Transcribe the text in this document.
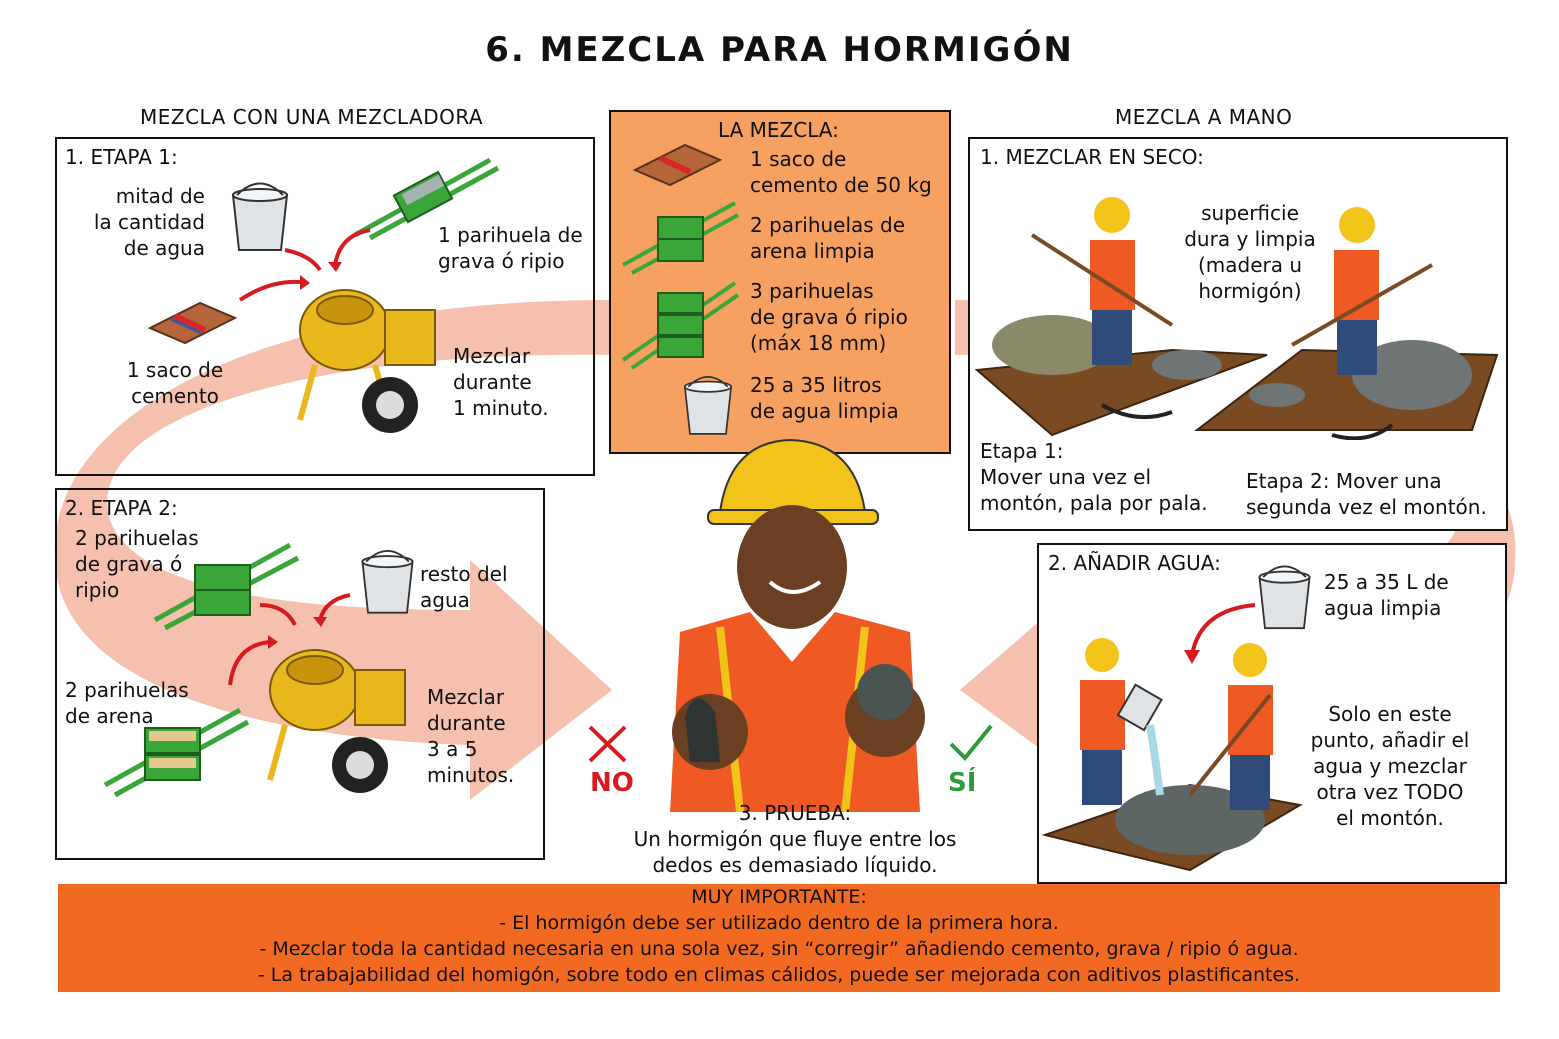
6. MEZCLA PARA HORMIGÓN
MEZCLA CON UNA MEZCLADORA	MEZCLA A MANO
1. ETAPA 1:
mitad de
la cantidad
de agua
1 parihuela de
grava ó ripio
1 saco de
cemento
Mezclar
durante
1 minuto.
2. ETAPA 2:
2 parihuelas
de grava ó
ripio
resto del
agua
2 parihuelas
de arena
Mezclar
durante
3 a 5
minutos.
LA MEZCLA:
1 saco de
cemento de 50 kg
2 parihuelas de
arena limpia
3 parihuelas
de grava ó ripio
(máx 18 mm)
25 a 35 litros
de agua limpia
NO	SÍ
3. PRUEBA:
Un hormigón que fluye entre los
dedos es demasiado líquido.
1. MEZCLAR EN SECO:
superficie
dura y limpia
(madera u
hormigón)
Etapa 1:
Mover una vez el
montón, pala por pala.
Etapa 2: Mover una
segunda vez el montón.
2. AÑADIR AGUA:
25 a 35 L de
agua limpia
Solo en este
punto, añadir el
agua y mezclar
otra vez TODO
el montón.
MUY IMPORTANTE:
- El hormigón debe ser utilizado dentro de la primera hora.
- Mezclar toda la cantidad necesaria en una sola vez, sin “corregir” añadiendo cemento, grava / ripio ó agua.
- La trabajabilidad del homigón, sobre todo en climas cálidos, puede ser mejorada con aditivos plastificantes.
